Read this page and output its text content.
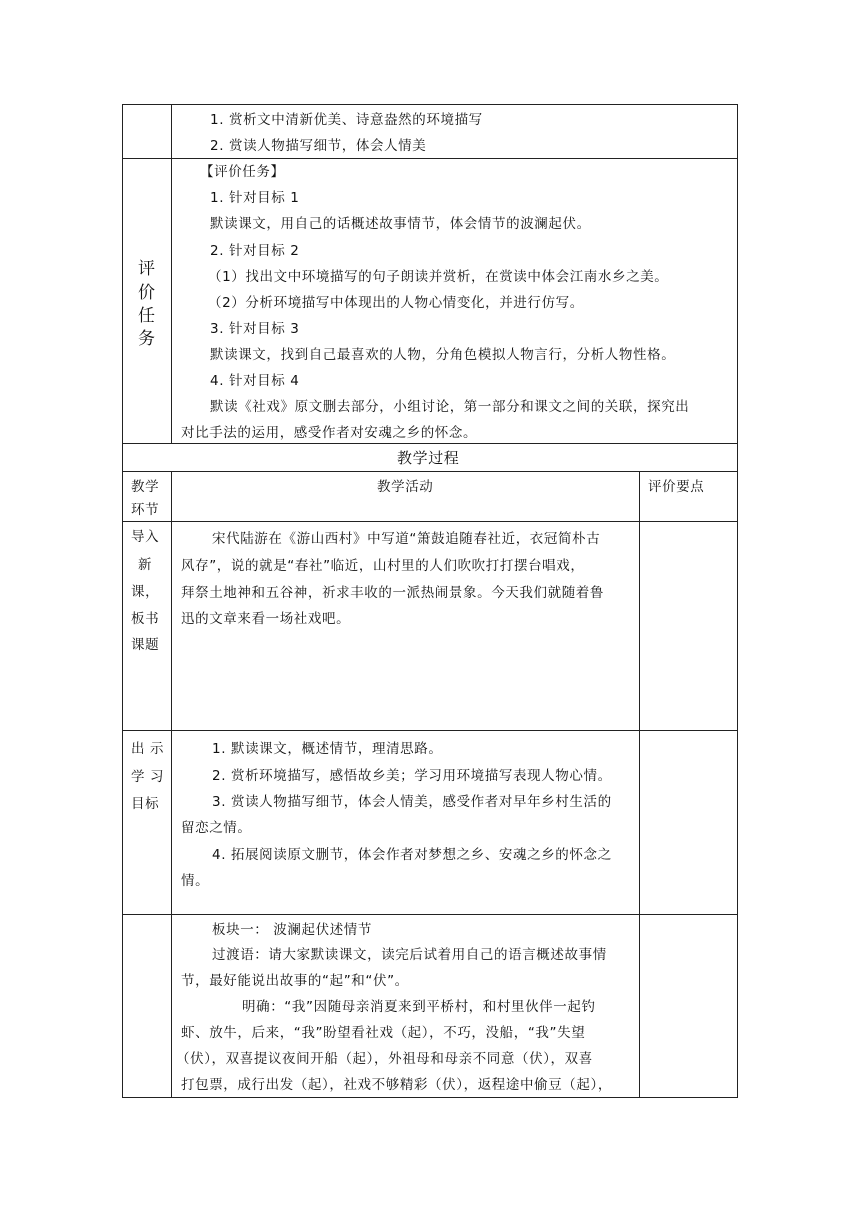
1. 赏析文中清新优美、诗意盎然的环境描写
2. 赏读人物描写细节，体会人情美
评
价
任
务
【评价任务】
1. 针对目标 1
默读课文，用自己的话概述故事情节，体会情节的波澜起伏。
2. 针对目标 2
（1）找出文中环境描写的句子朗读并赏析，在赏读中体会江南水乡之美。
（2）分析环境描写中体现出的人物心情变化，并进行仿写。
3. 针对目标 3
默读课文，找到自己最喜欢的人物，分角色模拟人物言行，分析人物性格。
4. 针对目标 4
默读《社戏》原文删去部分，小组讨论，第一部分和课文之间的关联，探究出
对比手法的运用，感受作者对安魂之乡的怀念。
教学过程
教学
环节
教学活动	评价要点
导入
新
课，
板书
课题
宋代陆游在《游山西村》中写道“箫鼓追随春社近，衣冠简朴古
风存”，说的就是“春社”临近，山村里的人们吹吹打打摆台唱戏，
拜祭土地神和五谷神，祈求丰收的一派热闹景象。今天我们就随着鲁
迅的文章来看一场社戏吧。
出 示
学 习
目标
1. 默读课文，概述情节，理清思路。
2. 赏析环境描写，感悟故乡美；学习用环境描写表现人物心情。
3. 赏读人物描写细节，体会人情美，感受作者对早年乡村生活的
留恋之情。
4. 拓展阅读原文删节，体会作者对梦想之乡、安魂之乡的怀念之
情。
板块一： 波澜起伏述情节
过渡语：请大家默读课文，读完后试着用自己的语言概述故事情
节，最好能说出故事的“起”和“伏”。
明确：“我”因随母亲消夏来到平桥村，和村里伙伴一起钓
虾、放牛，后来，“我”盼望看社戏（起），不巧，没船，“我”失望
（伏），双喜提议夜间开船（起），外祖母和母亲不同意（伏），双喜
打包票，成行出发（起），社戏不够精彩（伏），返程途中偷豆（起），
